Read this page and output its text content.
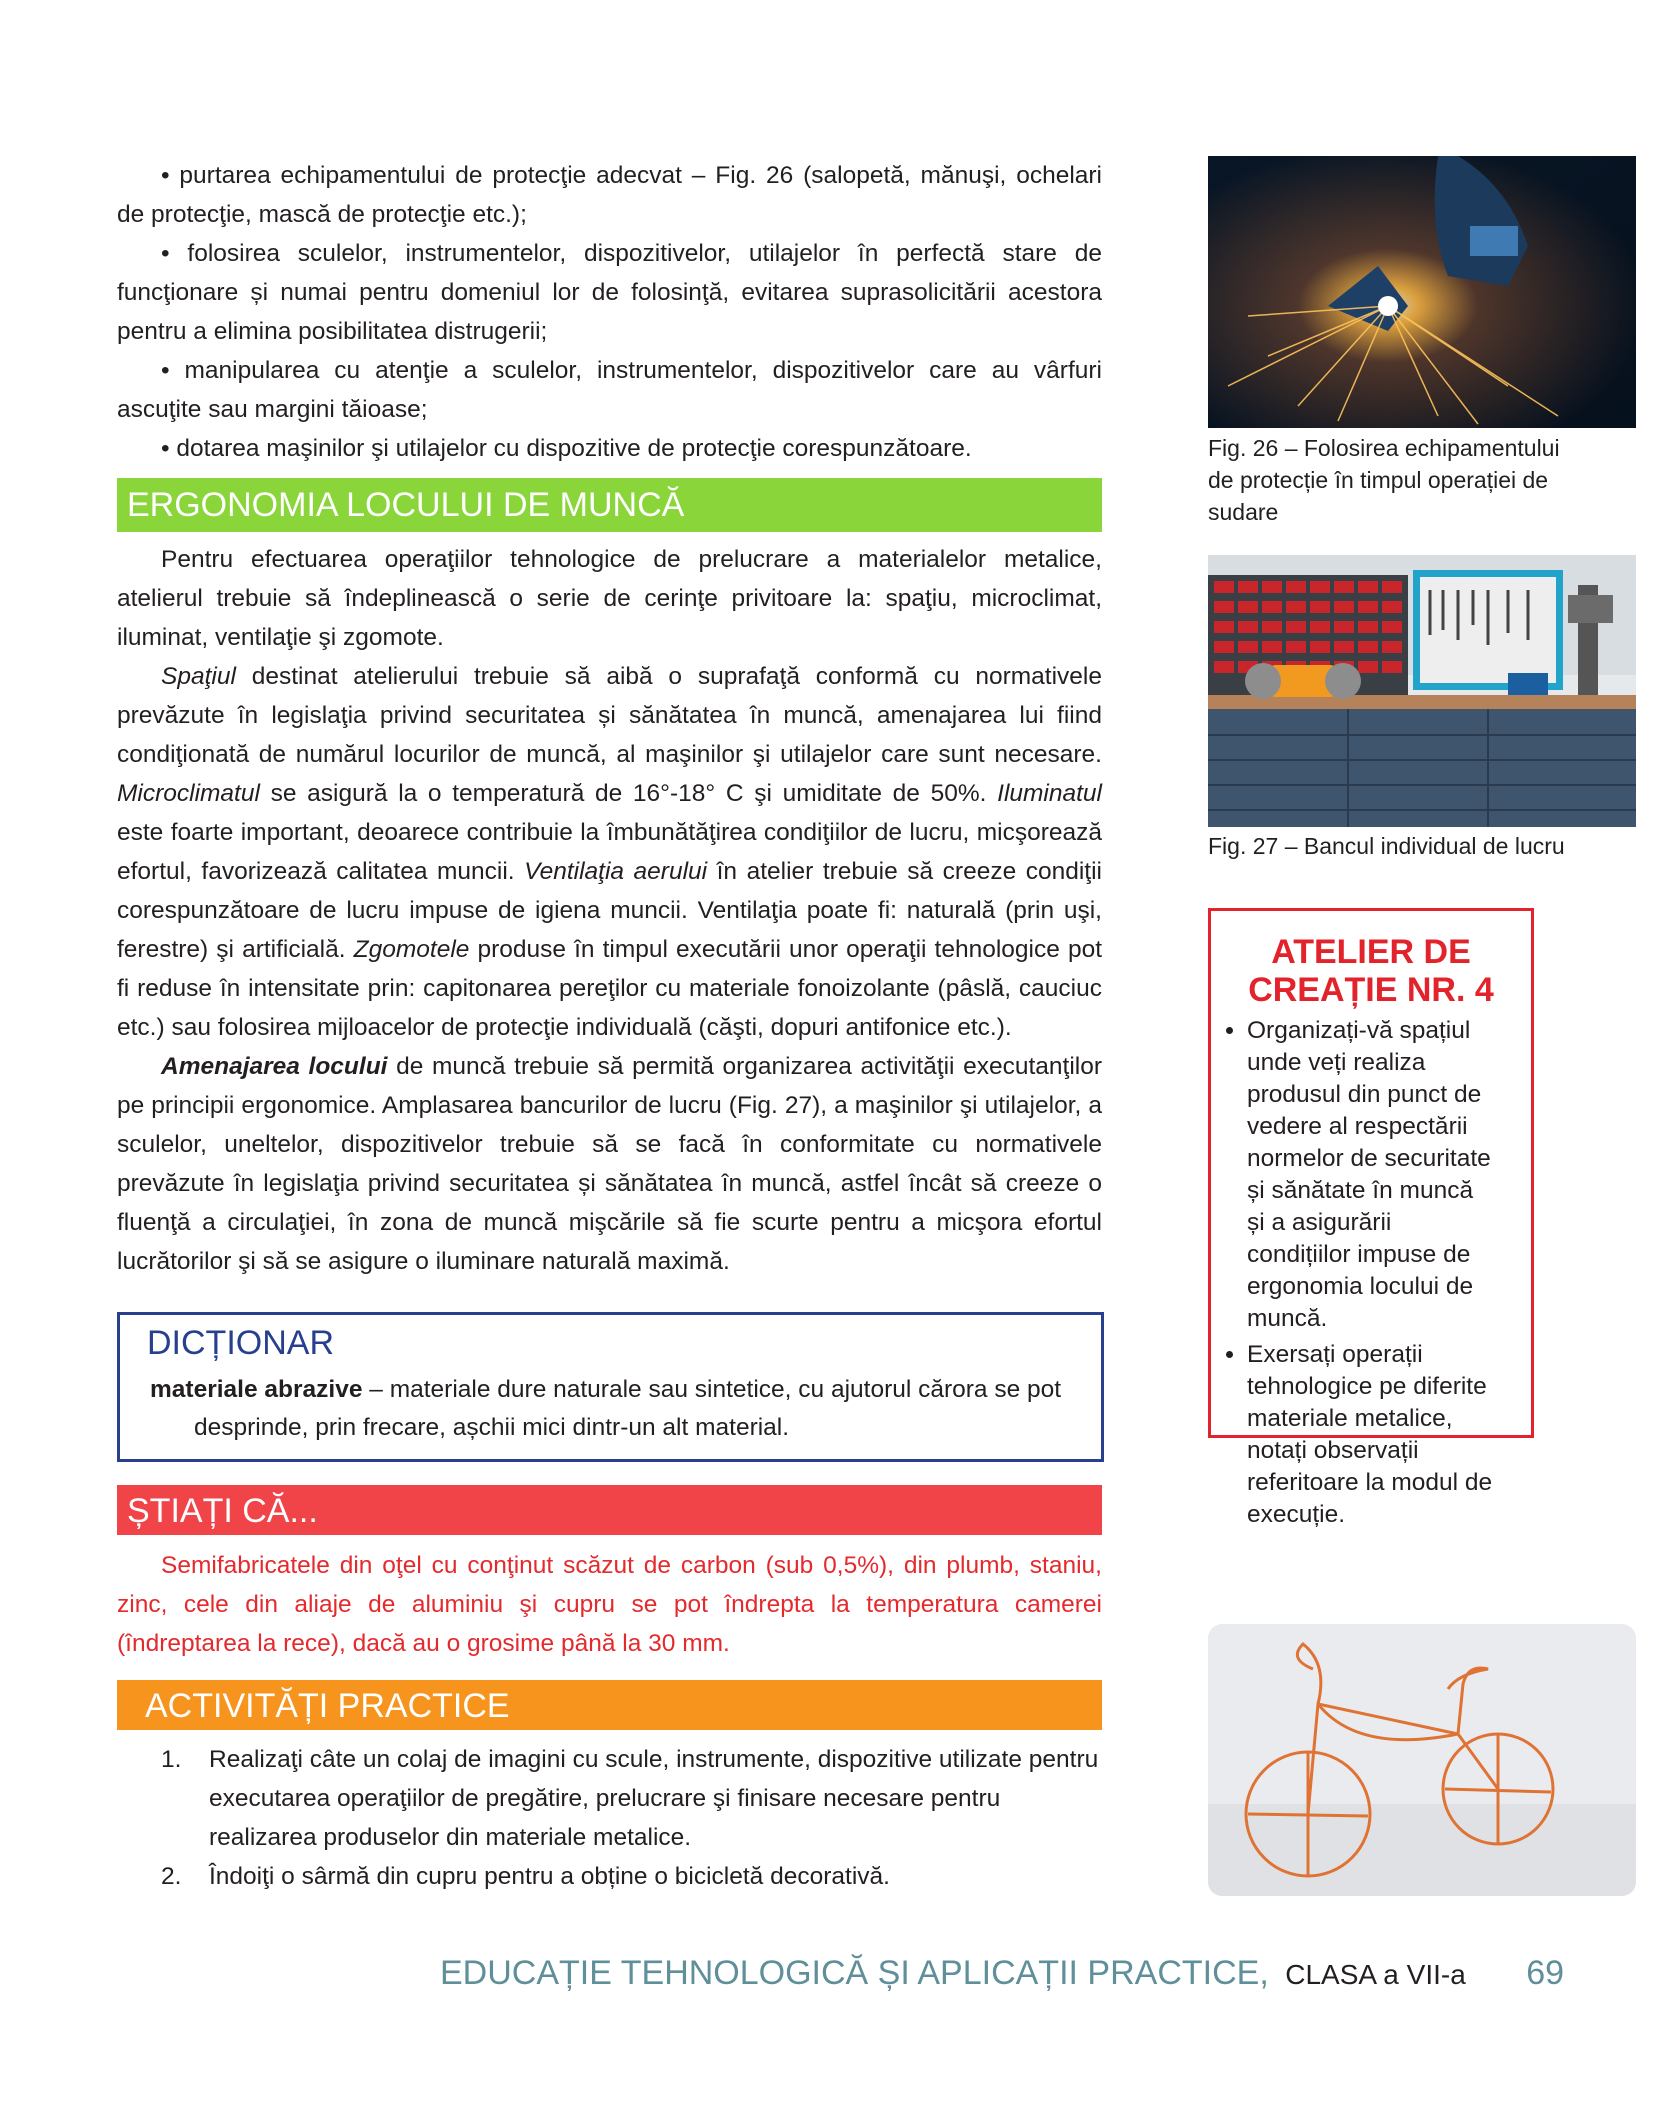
• purtarea echipamentului de protecţie adecvat – Fig. 26 (salopetă, mănuşi, ochelari de protecţie, mască de protecţie etc.);

• folosirea sculelor, instrumentelor, dispozitivelor, utilajelor în perfectă stare de funcţionare și numai pentru domeniul lor de folosinţă, evitarea suprasolicitării acestora pentru a elimina posibilitatea distrugerii;

• manipularea cu atenţie a sculelor, instrumentelor, dispozitivelor care au vârfuri ascuţite sau margini tăioase;

• dotarea maşinilor şi utilajelor cu dispozitive de protecţie corespunzătoare.

ERGONOMIA LOCULUI DE MUNCĂ

Pentru efectuarea operaţiilor tehnologice de prelucrare a materialelor metalice, atelierul trebuie să îndeplinească o serie de cerinţe privitoare la: spaţiu, microclimat, iluminat, ventilaţie şi zgomote.

Spaţiul destinat atelierului trebuie să aibă o suprafaţă conformă cu normativele prevăzute în legislaţia privind securitatea și sănătatea în muncă, amenajarea lui fiind condiţionată de numărul locurilor de muncă, al maşinilor şi utilajelor care sunt necesare. Microclimatul se asigură la o temperatură de 16°-18° C şi umiditate de 50%. Iluminatul este foarte important, deoarece contribuie la îmbunătăţirea condiţiilor de lucru, micşorează efortul, favorizează calitatea muncii. Ventilaţia aerului în atelier trebuie să creeze condiţii corespunzătoare de lucru impuse de igiena muncii. Ventilaţia poate fi: naturală (prin uşi, ferestre) şi artificială. Zgomotele produse în timpul executării unor operaţii tehnologice pot fi reduse în intensitate prin: capitonarea pereţilor cu materiale fonoizolante (pâslă, cauciuc etc.) sau folosirea mijloacelor de protecţie individuală (căşti, dopuri antifonice etc.).

Amenajarea locului de muncă trebuie să permită organizarea activităţii executanţilor pe principii ergonomice. Amplasarea bancurilor de lucru (Fig. 27), a maşinilor şi utilajelor, a sculelor, uneltelor, dispozitivelor trebuie să se facă în conformitate cu normativele prevăzute în legislaţia privind securitatea și sănătatea în muncă, astfel încât să creeze o fluenţă a circulaţiei, în zona de muncă mişcările să fie scurte pentru a micşora efortul lucrătorilor şi să se asigure o iluminare naturală maximă.

DICȚIONAR
materiale abrazive – materiale dure naturale sau sintetice, cu ajutorul cărora se pot desprinde, prin frecare, așchii mici dintr-un alt material.
ȘTIAȚI CĂ...

Semifabricatele din oţel cu conţinut scăzut de carbon (sub 0,5%), din plumb, staniu, zinc, cele din aliaje de aluminiu şi cupru se pot îndrepta la temperatura camerei (îndreptarea la rece), dacă au o grosime până la 30 mm.

ACTIVITĂȚI PRACTICE
1. Realizaţi câte un colaj de imagini cu scule, instrumente, dispozitive utilizate pentru executarea operaţiilor de pregătire, prelucrare şi finisare necesare pentru realizarea produselor din materiale metalice.
2. Îndoiţi o sârmă din cupru pentru a obține o bicicletă decorativă.
Fig. 26 – Folosirea echipamentului de protecție în timpul operației de sudare
Fig. 27 – Bancul individual de lucru
ATELIER DE
CREAȚIE NR. 4
• Organizați-vă spațiul unde veți realiza produsul din punct de vedere al respectării normelor de securitate și sănătate în muncă și a asigurării condițiilor impuse de ergonomia locului de muncă.
• Exersați operații tehnologice pe diferite materiale metalice, notați observații referitoare la modul de execuție.
EDUCAȚIE TEHNOLOGICĂ ȘI APLICAȚII PRACTICE, CLASA a VII-a 69
